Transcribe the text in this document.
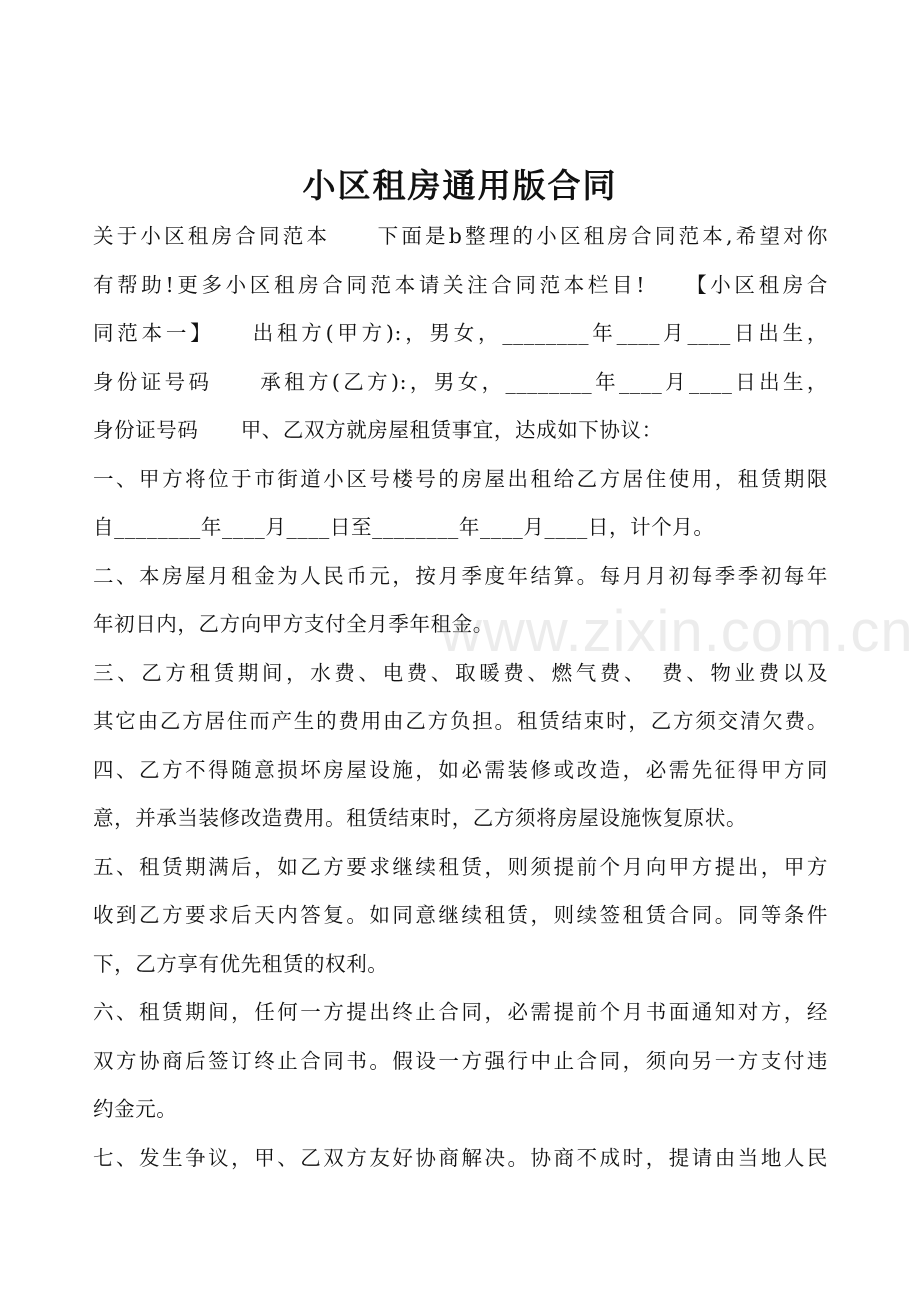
小区租房通用版合同
关于小区租房合同范本　　下面是b整理的小区租房合同范本,希望对你
有帮助!更多小区租房合同范本请关注合同范本栏目!　　【小区租房合
同范本一】　　出租方(甲方):，男女，________年____月____日出生，
身份证号码　　承租方(乙方):，男女，________年____月____日出生，
身份证号码　　甲、乙双方就房屋租赁事宜，达成如下协议：
一、甲方将位于市街道小区号楼号的房屋出租给乙方居住使用，租赁期限
自________年____月____日至________年____月____日，计个月。
二、本房屋月租金为人民币元，按月季度年结算。每月月初每季季初每年
年初日内，乙方向甲方支付全月季年租金。
三、乙方租赁期间，水费、电费、取暖费、燃气费、　费、物业费以及
其它由乙方居住而产生的费用由乙方负担。租赁结束时，乙方须交清欠费。
四、乙方不得随意损坏房屋设施，如必需装修或改造，必需先征得甲方同
意，并承当装修改造费用。租赁结束时，乙方须将房屋设施恢复原状。
五、租赁期满后，如乙方要求继续租赁，则须提前个月向甲方提出，甲方
收到乙方要求后天内答复。如同意继续租赁，则续签租赁合同。同等条件
下，乙方享有优先租赁的权利。
六、租赁期间，任何一方提出终止合同，必需提前个月书面通知对方，经
双方协商后签订终止合同书。假设一方强行中止合同，须向另一方支付违
约金元。
七、发生争议，甲、乙双方友好协商解决。协商不成时，提请由当地人民
www.zixin.com.cn
